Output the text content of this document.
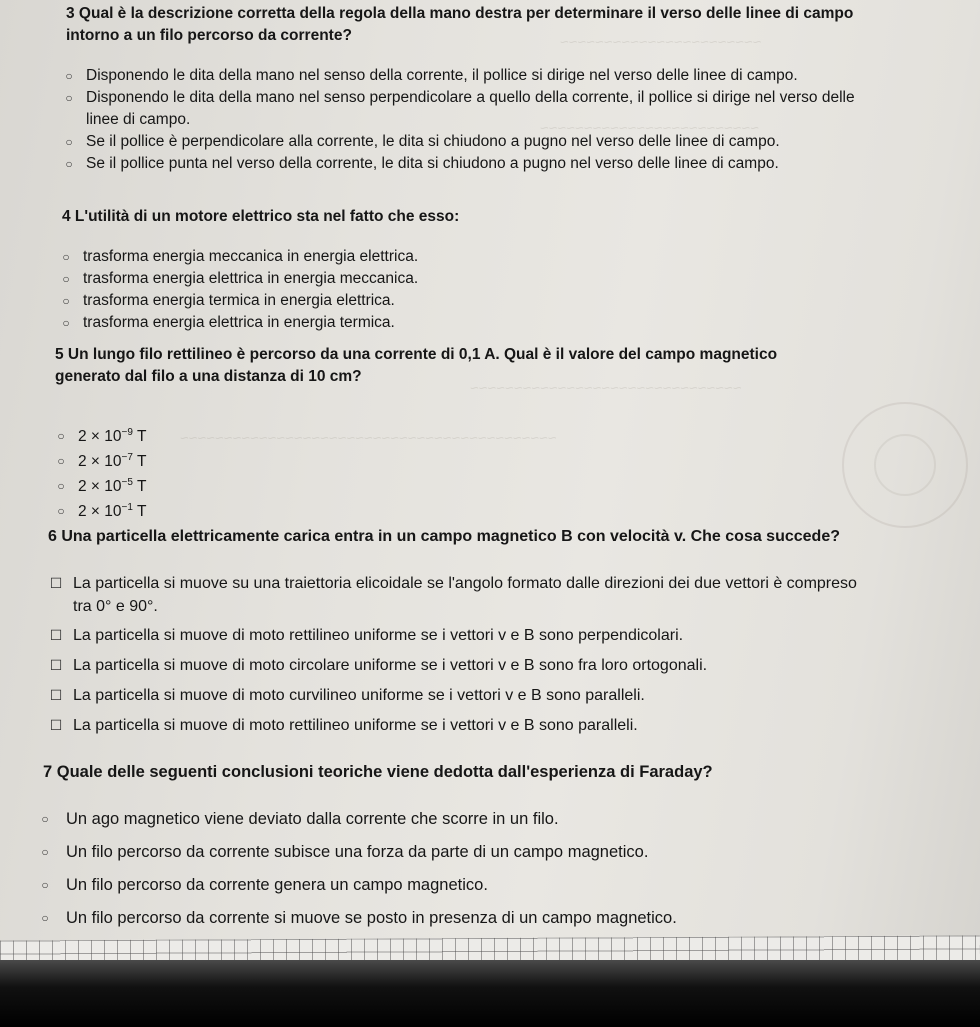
~~~~~~~~~~~~~~~~~~~~~~~
~~~~~~~~~~~~~~~~~~~~~~~~~
~~~~~~~~~~~~~~~~~~~~~~~~~~~~~~~
~~~~~~~~~~~~~~~~~~~~~~~~~~~~~~~~~~~~~~~~~~~

3 Qual è la descrizione corretta della regola della mano destra per determinare il verso delle linee di campo
intorno a un filo percorso da corrente?

○ Disponendo le dita della mano nel senso della corrente, il pollice si dirige nel verso delle linee di campo.
○ Disponendo le dita della mano nel senso perpendicolare a quello della corrente, il pollice si dirige nel verso delle
linee di campo.
○ Se il pollice è perpendicolare alla corrente, le dita si chiudono a pugno nel verso delle linee di campo.
○ Se il pollice punta nel verso della corrente, le dita si chiudono a pugno nel verso delle linee di campo.

4 L'utilità di un motore elettrico sta nel fatto che esso:

○ trasforma energia meccanica in energia elettrica.
○ trasforma energia elettrica in energia meccanica.
○ trasforma energia termica in energia elettrica.
○ trasforma energia elettrica in energia termica.

5 Un lungo filo rettilineo è percorso da una corrente di 0,1 A. Qual è il valore del campo magnetico
generato dal filo a una distanza di 10 cm?

○ $2 \times 10^{-9}$ T
○ $2 \times 10^{-7}$ T
○ $2 \times 10^{-5}$ T
○ $2 \times 10^{-1}$ T

6 Una particella elettricamente carica entra in un campo magnetico B con velocità v. Che cosa succede?

☐ La particella si muove su una traiettoria elicoidale se l'angolo formato dalle direzioni dei due vettori è compreso
tra 0° e 90°.
☐ La particella si muove di moto rettilineo uniforme se i vettori v e B sono perpendicolari.
☐ La particella si muove di moto circolare uniforme se i vettori v e B sono fra loro ortogonali.
☐ La particella si muove di moto curvilineo uniforme se i vettori v e B sono paralleli.
☐ La particella si muove di moto rettilineo uniforme se i vettori v e B sono paralleli.

7 Quale delle seguenti conclusioni teoriche viene dedotta dall'esperienza di Faraday?

○	Un ago magnetico viene deviato dalla corrente che scorre in un filo.
○	Un filo percorso da corrente subisce una forza da parte di un campo magnetico.
○	Un filo percorso da corrente genera un campo magnetico.
○	Un filo percorso da corrente si muove se posto in presenza di un campo magnetico.
